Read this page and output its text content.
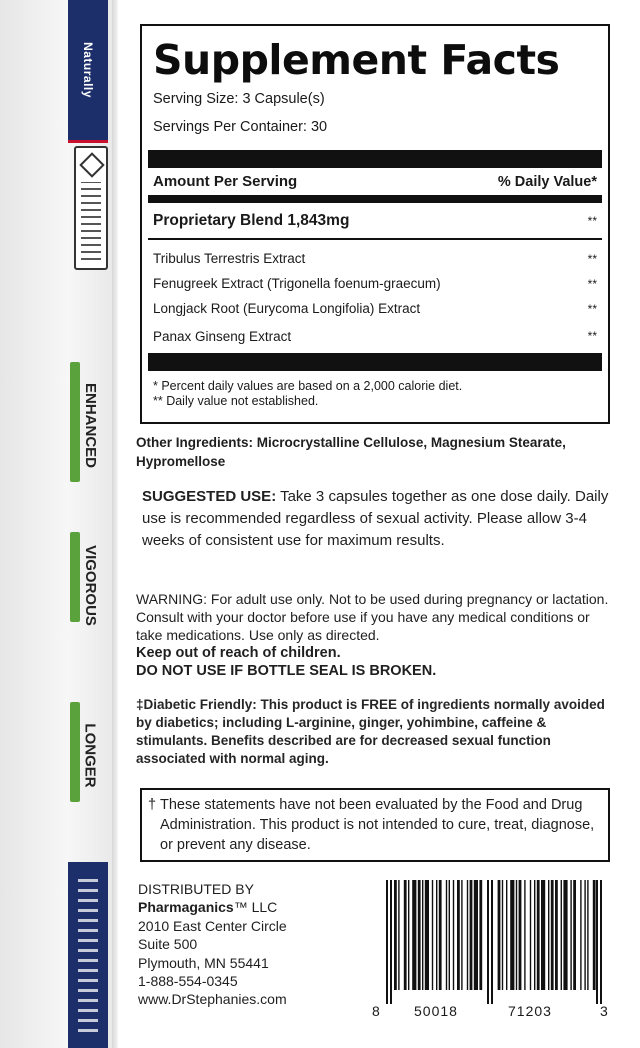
Naturally
ENHANCED
VIGOROUS
LONGER
Supplement Facts
Serving Size: 3 Capsule(s)
Servings Per Container: 30
Amount Per Serving	% Daily Value*
Proprietary Blend 1,843mg	**
Tribulus Terrestris Extract	**
Fenugreek Extract (Trigonella foenum-graecum)	**
Longjack Root (Eurycoma Longifolia) Extract	**
Panax Ginseng Extract	**
* Percent daily values are based on a 2,000 calorie diet.
** Daily value not established.
Other Ingredients: Microcrystalline Cellulose, Magnesium Stearate, Hypromellose
SUGGESTED USE: Take 3 capsules together as one dose daily. Daily use is recommended regardless of sexual activity. Please allow 3-4 weeks of consistent use for maximum results.
WARNING: For adult use only. Not to be used during pregnancy or lactation. Consult with your doctor before use if you have any medical conditions or take medications. Use only as directed.
Keep out of reach of children.
DO NOT USE IF BOTTLE SEAL IS BROKEN.
‡Diabetic Friendly: This product is FREE of ingredients normally avoided by diabetics; including L-arginine, ginger, yohimbine, caffeine & stimulants. Benefits described are for decreased sexual function associated with normal aging.
† These statements have not been evaluated by the Food and Drug Administration. This product is not intended to cure, treat, diagnose, or prevent any disease.
DISTRIBUTED BY
Pharmaganics™ LLC
2010 East Center Circle
Suite 500
Plymouth, MN 55441
1-888-554-0345
www.DrStephanies.com
8 50018	71203	3
